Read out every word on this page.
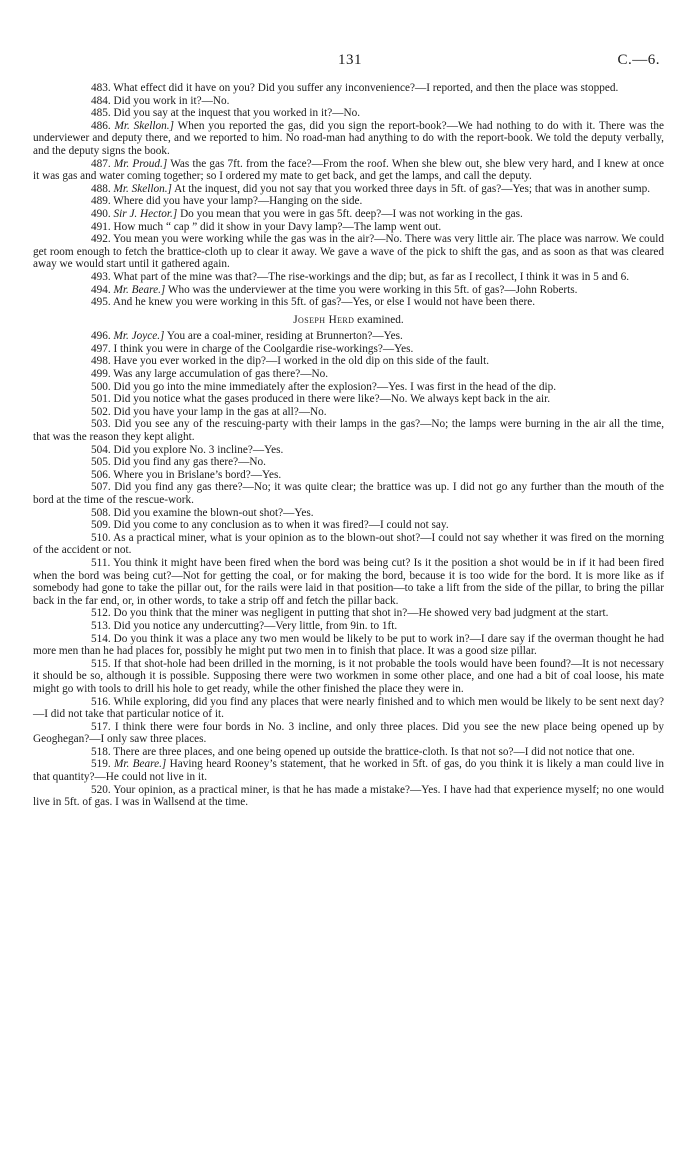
131	C.—6.

483. What effect did it have on you? Did you suffer any inconvenience?—I reported, and then the place was stopped.

484. Did you work in it?—No.

485. Did you say at the inquest that you worked in it?—No.

486. Mr. Skellon.] When you reported the gas, did you sign the report-book?—We had nothing to do with it. There was the underviewer and deputy there, and we reported to him. No road-man had anything to do with the report-book. We told the deputy verbally, and the deputy signs the book.

487. Mr. Proud.] Was the gas 7ft. from the face?—From the roof. When she blew out, she blew very hard, and I knew at once it was gas and water coming together; so I ordered my mate to get back, and get the lamps, and call the deputy.

488. Mr. Skellon.] At the inquest, did you not say that you worked three days in 5ft. of gas?—Yes; that was in another sump.

489. Where did you have your lamp?—Hanging on the side.

490. Sir J. Hector.] Do you mean that you were in gas 5ft. deep?—I was not working in the gas.

491. How much “ cap ” did it show in your Davy lamp?—The lamp went out.

492. You mean you were working while the gas was in the air?—No. There was very little air. The place was narrow. We could get room enough to fetch the brattice-cloth up to clear it away. We gave a wave of the pick to shift the gas, and as soon as that was cleared away we would start until it gathered again.

493. What part of the mine was that?—The rise-workings and the dip; but, as far as I recollect, I think it was in 5 and 6.

494. Mr. Beare.] Who was the underviewer at the time you were working in this 5ft. of gas?—John Roberts.

495. And he knew you were working in this 5ft. of gas?—Yes, or else I would not have been there.

Joseph Herd examined.

496. Mr. Joyce.] You are a coal-miner, residing at Brunnerton?—Yes.

497. I think you were in charge of the Coolgardie rise-workings?—Yes.

498. Have you ever worked in the dip?—I worked in the old dip on this side of the fault.

499. Was any large accumulation of gas there?—No.

500. Did you go into the mine immediately after the explosion?—Yes. I was first in the head of the dip.

501. Did you notice what the gases produced in there were like?—No. We always kept back in the air.

502. Did you have your lamp in the gas at all?—No.

503. Did you see any of the rescuing-party with their lamps in the gas?—No; the lamps were burning in the air all the time, that was the reason they kept alight.

504. Did you explore No. 3 incline?—Yes.

505. Did you find any gas there?—No.

506. Where you in Brislane’s bord?—Yes.

507. Did you find any gas there?—No; it was quite clear; the brattice was up. I did not go any further than the mouth of the bord at the time of the rescue-work.

508. Did you examine the blown-out shot?—Yes.

509. Did you come to any conclusion as to when it was fired?—I could not say.

510. As a practical miner, what is your opinion as to the blown-out shot?—I could not say whether it was fired on the morning of the accident or not.

511. You think it might have been fired when the bord was being cut? Is it the position a shot would be in if it had been fired when the bord was being cut?—Not for getting the coal, or for making the bord, because it is too wide for the bord. It is more like as if somebody had gone to take the pillar out, for the rails were laid in that position—to take a lift from the side of the pillar, to bring the pillar back in the far end, or, in other words, to take a strip off and fetch the pillar back.

512. Do you think that the miner was negligent in putting that shot in?—He showed very bad judgment at the start.

513. Did you notice any undercutting?—Very little, from 9in. to 1ft.

514. Do you think it was a place any two men would be likely to be put to work in?—I dare say if the overman thought he had more men than he had places for, possibly he might put two men in to finish that place. It was a good size pillar.

515. If that shot-hole had been drilled in the morning, is it not probable the tools would have been found?—It is not necessary it should be so, although it is possible. Supposing there were two workmen in some other place, and one had a bit of coal loose, his mate might go with tools to drill his hole to get ready, while the other finished the place they were in.

516. While exploring, did you find any places that were nearly finished and to which men would be likely to be sent next day?—I did not take that particular notice of it.

517. I think there were four bords in No. 3 incline, and only three places. Did you see the new place being opened up by Geoghegan?—I only saw three places.

518. There are three places, and one being opened up outside the brattice-cloth. Is that not so?—I did not notice that one.

519. Mr. Beare.] Having heard Rooney’s statement, that he worked in 5ft. of gas, do you think it is likely a man could live in that quantity?—He could not live in it.

520. Your opinion, as a practical miner, is that he has made a mistake?—Yes. I have had that experience myself; no one would live in 5ft. of gas. I was in Wallsend at the time.
